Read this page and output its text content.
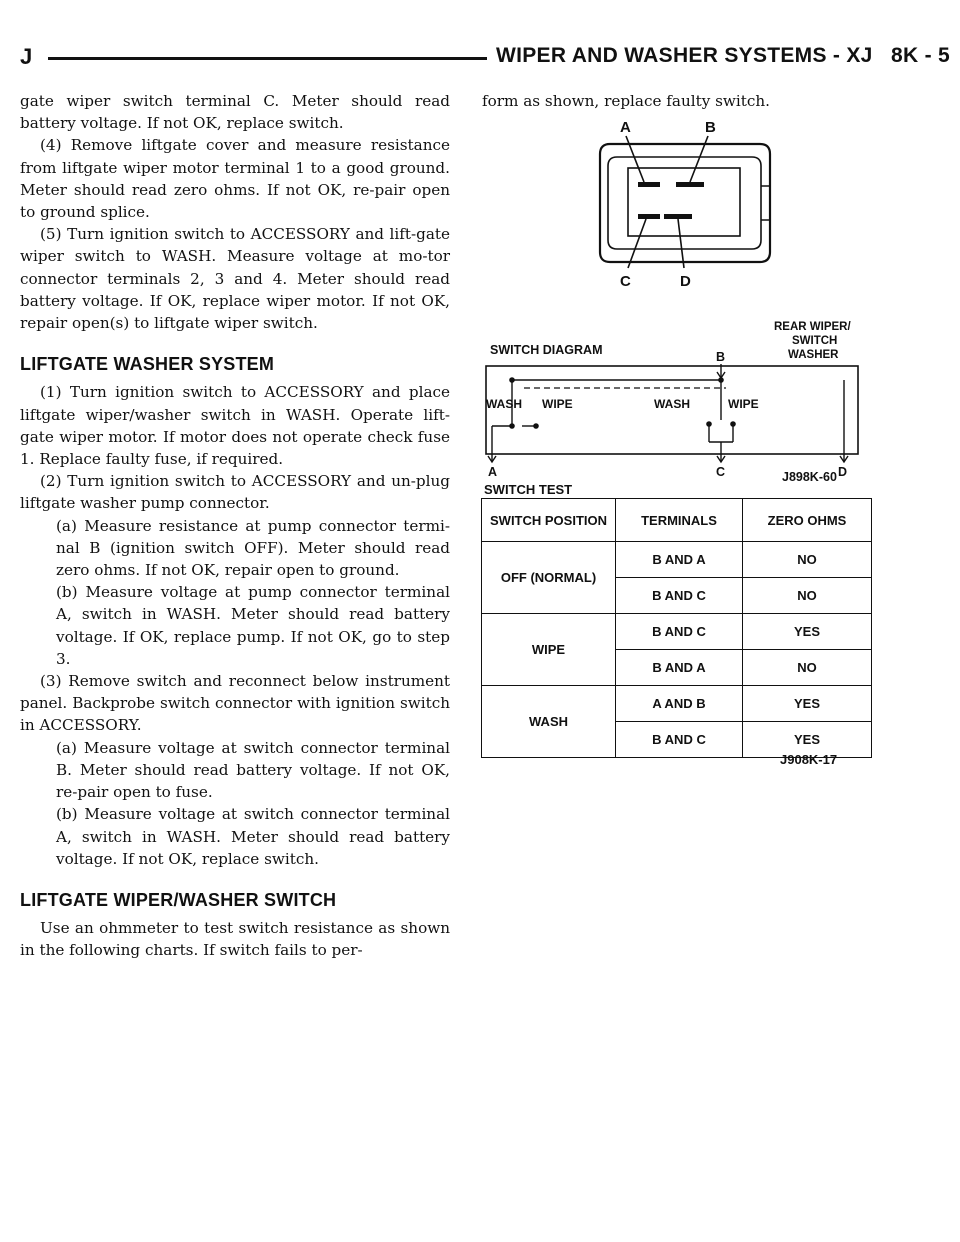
J	WIPER AND WASHER SYSTEMS - XJ 8K - 5

gate wiper switch terminal C. Meter should read battery voltage. If not OK, replace switch.

(4) Remove liftgate cover and measure resistance from liftgate wiper motor terminal 1 to a good ground. Meter should read zero ohms. If not OK, re-pair open to ground splice.

(5) Turn ignition switch to ACCESSORY and lift-gate wiper switch to WASH. Measure voltage at mo-tor connector terminals 2, 3 and 4. Meter should read battery voltage. If OK, replace wiper motor. If not OK, repair open(s) to liftgate wiper switch.

LIFTGATE WASHER SYSTEM

(1) Turn ignition switch to ACCESSORY and place liftgate wiper/washer switch in WASH. Operate lift-gate wiper motor. If motor does not operate check fuse 1. Replace faulty fuse, if required.

(2) Turn ignition switch to ACCESSORY and un-plug liftgate washer pump connector.

(a) Measure resistance at pump connector termi-nal B (ignition switch OFF). Meter should read zero ohms. If not OK, repair open to ground.

(b) Measure voltage at pump connector terminal A, switch in WASH. Meter should read battery voltage. If OK, replace pump. If not OK, go to step 3.

(3) Remove switch and reconnect below instrument panel. Backprobe switch connector with ignition switch in ACCESSORY.

(a) Measure voltage at switch connector terminal B. Meter should read battery voltage. If not OK, re-pair open to fuse.

(b) Measure voltage at switch connector terminal A, switch in WASH. Meter should read battery voltage. If not OK, replace switch.

LIFTGATE WIPER/WASHER SWITCH

Use an ohmmeter to test switch resistance as shown in the following charts. If switch fails to per-

form as shown, replace faulty switch.

A	B
C	D
SWITCH DIAGRAM
REAR WIPER/
SWITCH
WASHER
B
WASH WIPE	WASH	WIPE
A	C	D
J898K-60
SWITCH TEST
SWITCH POSITION	TERMINALS	ZERO OHMS
OFF (NORMAL)	B AND A	NO
	B AND C	NO
WIPE	B AND C	YES
	B AND A	NO
WASH	A AND B	YES
	B AND C	YES
J908K-17
